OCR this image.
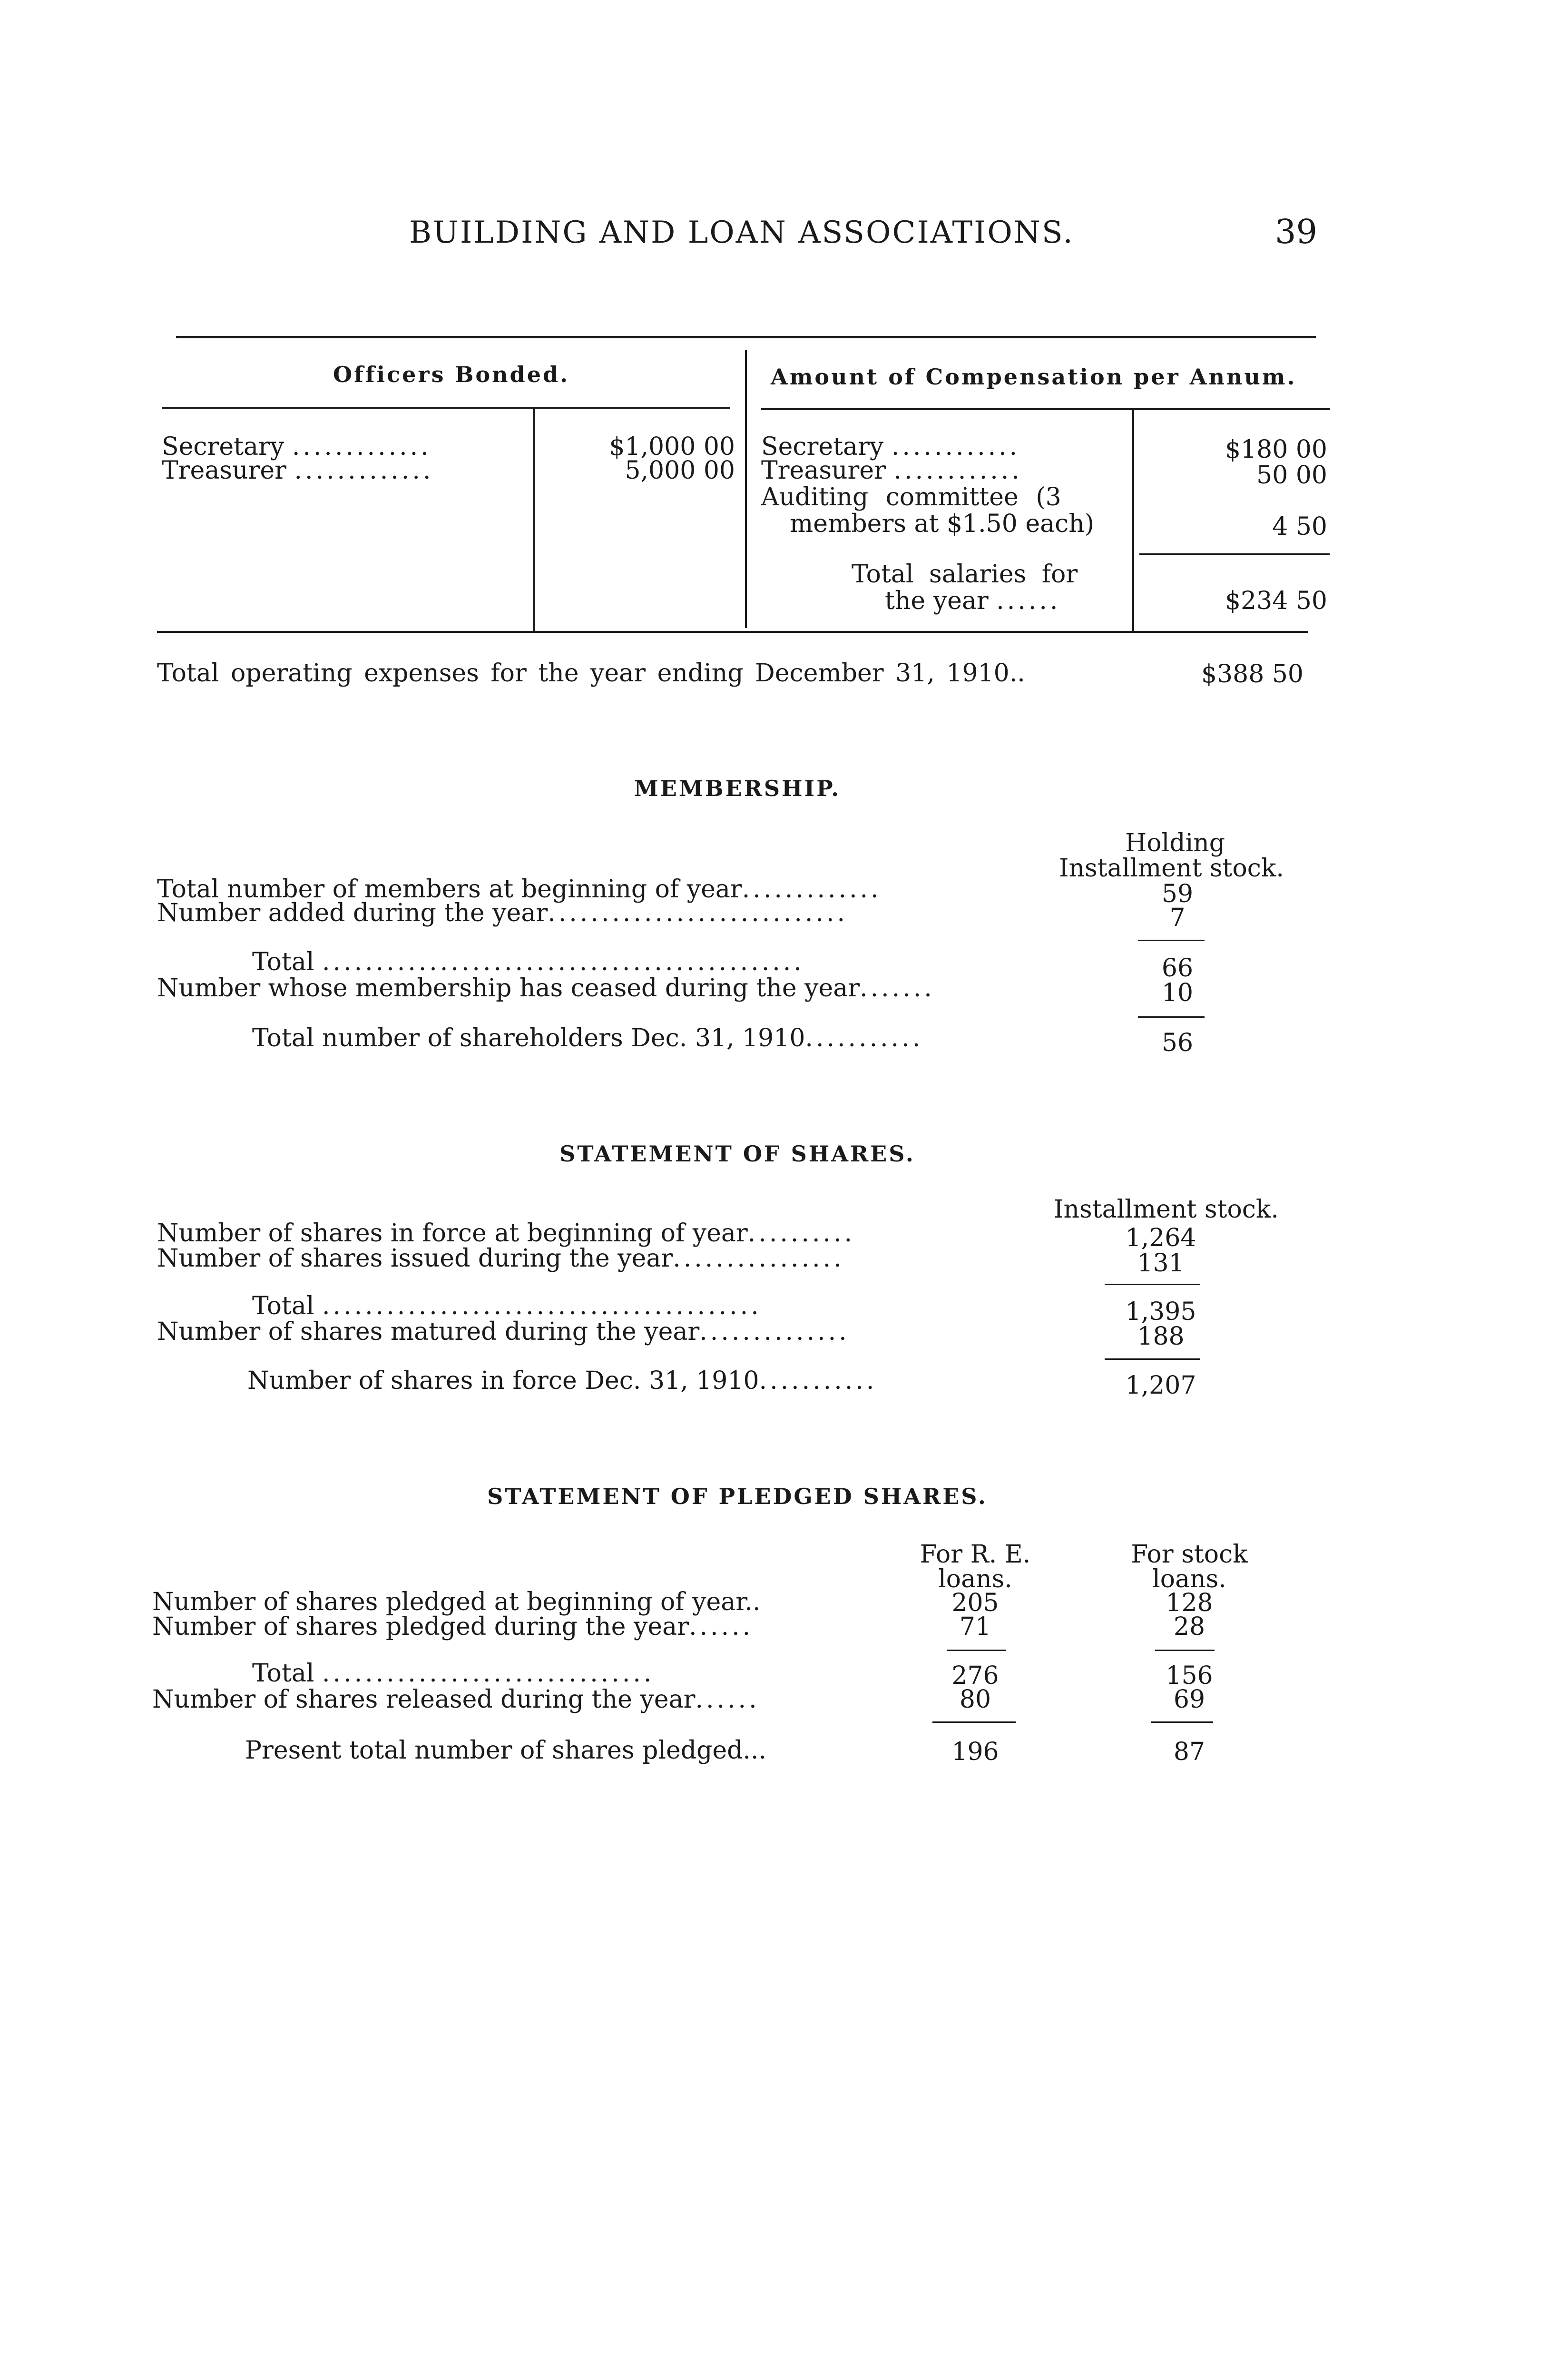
BUILDING AND LOAN ASSOCIATIONS.	39
Officers Bonded.	Amount of Compensation per Annum.
Secretary .............	$1,000 00
Treasurer .............	5,000 00
Secretary ............	$180 00
Treasurer ............	50 00
Auditing committee (3
members at $1.50 each)	4 50
Total salaries for
the year ......	$234 50
Total operating expenses for the year ending December 31, 1910..	$388 50
MEMBERSHIP.
Holding
Installment stock.
Total number of members at beginning of year.............	59
Number added during the year............................	7
Total .............................................	66
Number whose membership has ceased during the year.......	10
Total number of shareholders Dec. 31, 1910...........	56
STATEMENT OF SHARES.
Installment stock.
Number of shares in force at beginning of year..........	1,264
Number of shares issued during the year................	131
Total .........................................	1,395
Number of shares matured during the year..............	188
Number of shares in force Dec. 31, 1910...........	1,207
STATEMENT OF PLEDGED SHARES.
For R. E.
loans.
For stock
loans.
Number of shares pledged at beginning of year..	205	128
Number of shares pledged during the year......	71	28
Total ...............................	276	156
Number of shares released during the year......	80	69
Present total number of shares pledged...	196	87
